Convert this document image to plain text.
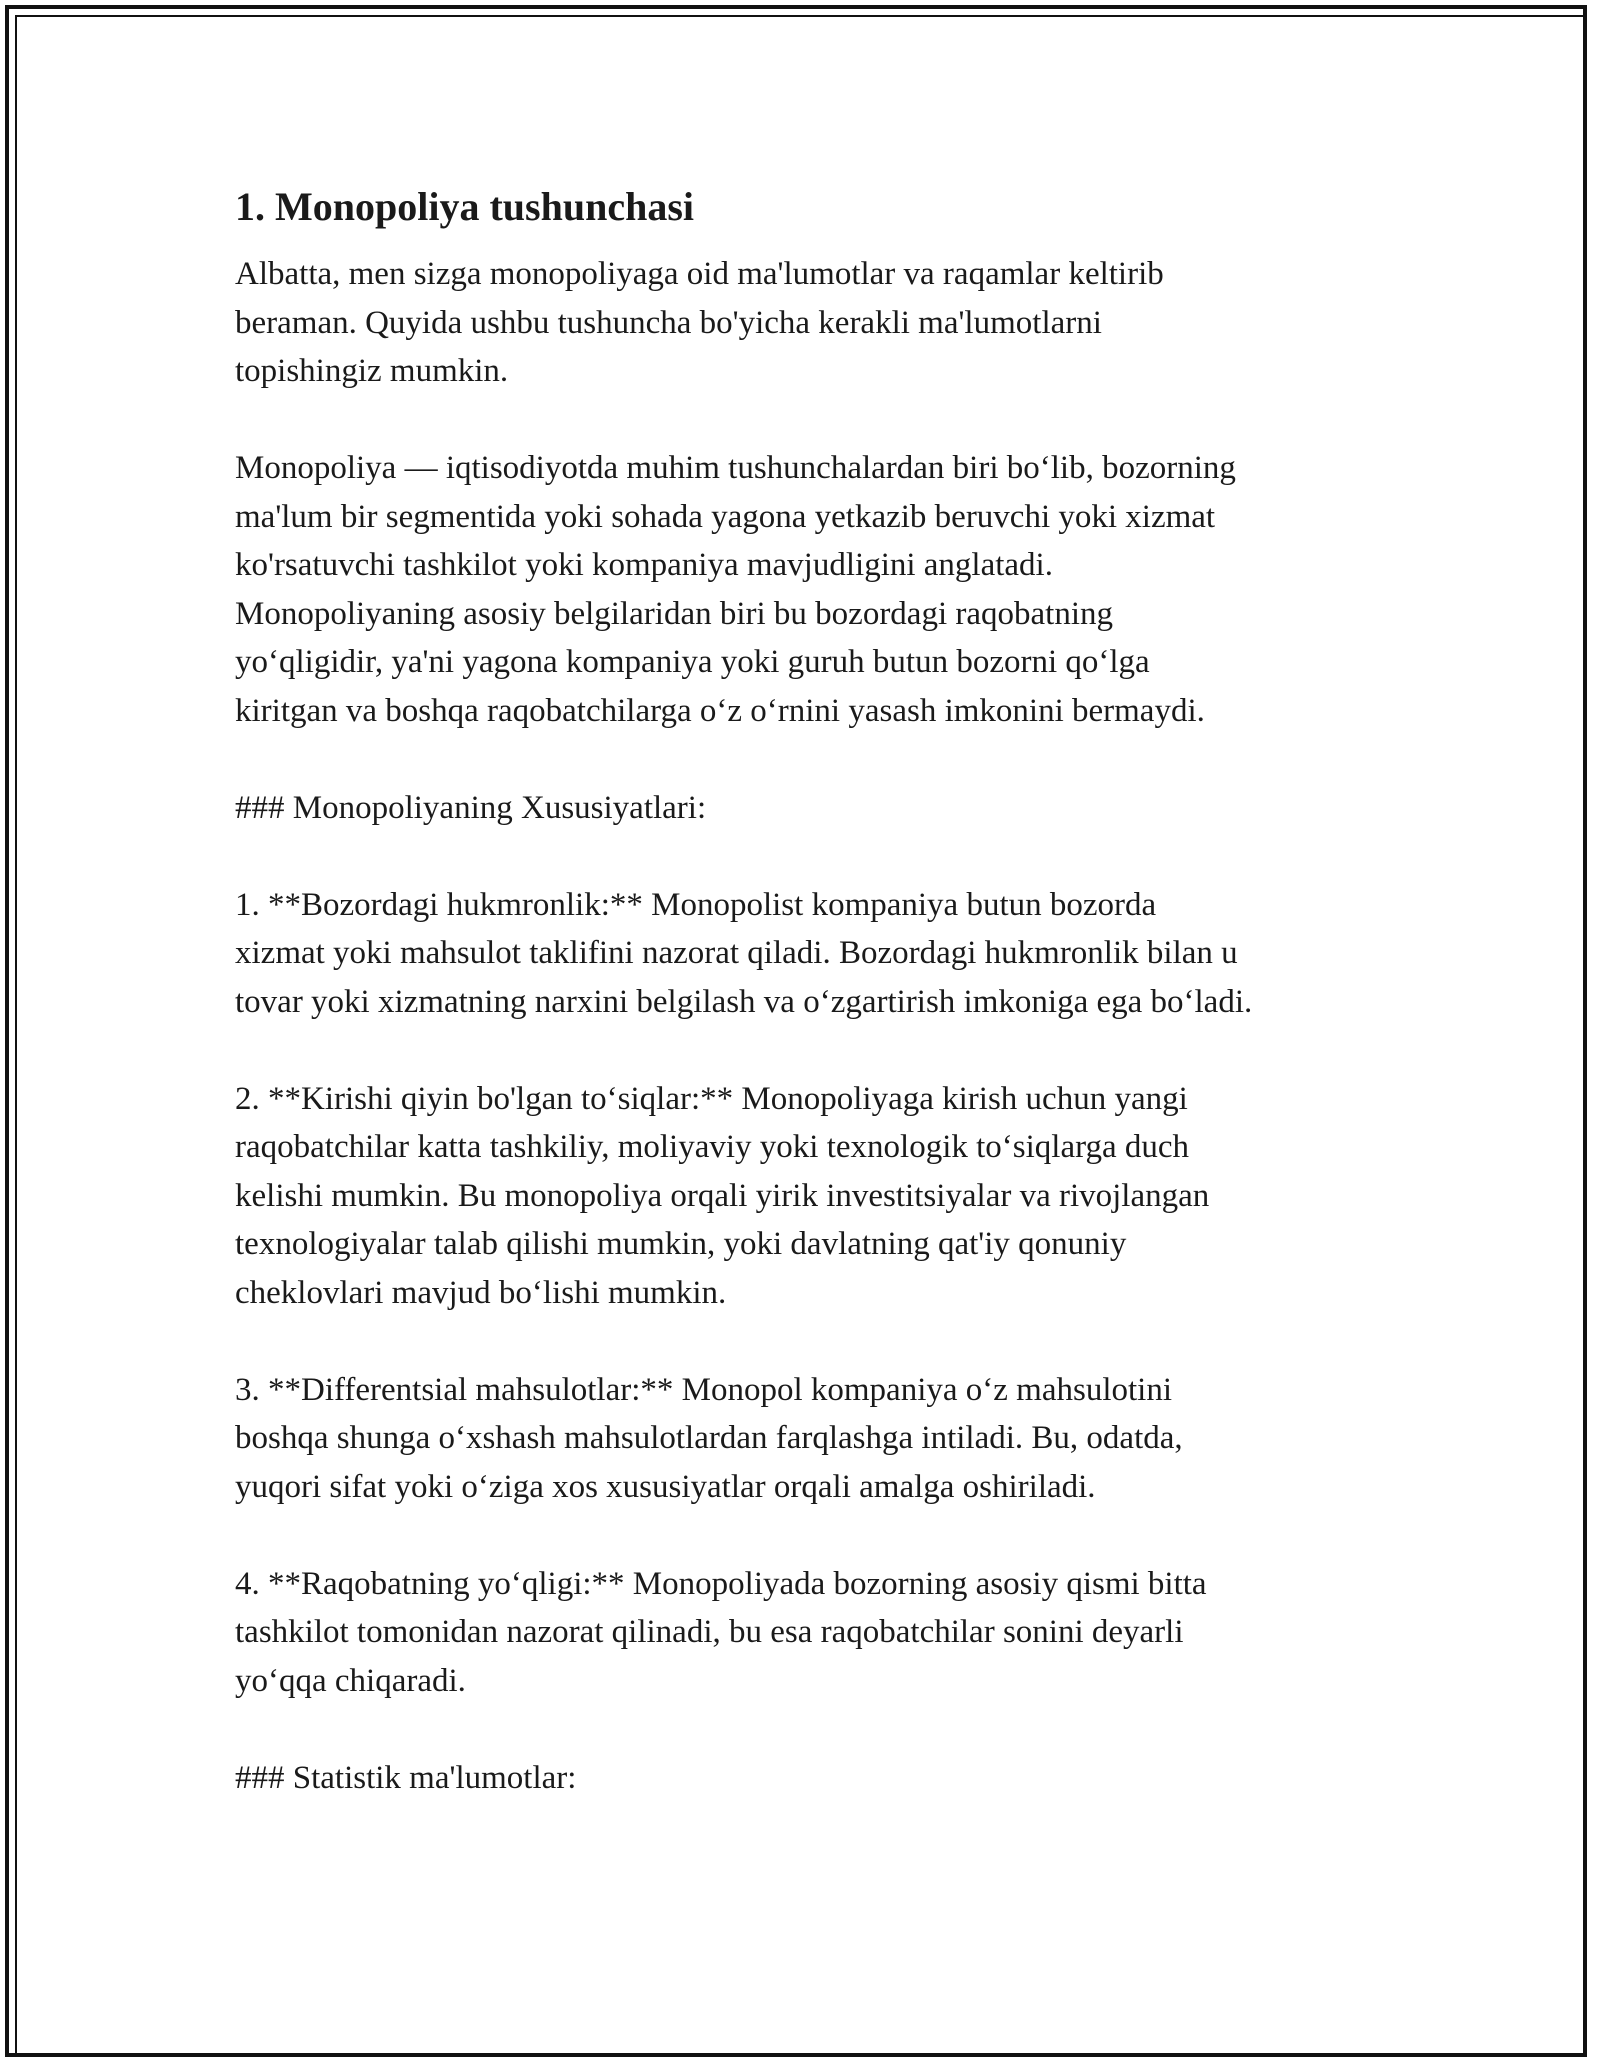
1. Monopoliya tushunchasi

Albatta, men sizga monopoliyaga oid ma'lumotlar va raqamlar keltirib
beraman. Quyida ushbu tushuncha bo'yicha kerakli ma'lumotlarni
topishingiz mumkin.

Monopoliya — iqtisodiyotda muhim tushunchalardan biri bo‘lib, bozorning
ma'lum bir segmentida yoki sohada yagona yetkazib beruvchi yoki xizmat
ko'rsatuvchi tashkilot yoki kompaniya mavjudligini anglatadi.
Monopoliyaning asosiy belgilaridan biri bu bozordagi raqobatning
yo‘qligidir, ya'ni yagona kompaniya yoki guruh butun bozorni qo‘lga
kiritgan va boshqa raqobatchilarga o‘z o‘rnini yasash imkonini bermaydi.

### Monopoliyaning Xususiyatlari:

1. **Bozordagi hukmronlik:** Monopolist kompaniya butun bozorda
xizmat yoki mahsulot taklifini nazorat qiladi. Bozordagi hukmronlik bilan u
tovar yoki xizmatning narxini belgilash va o‘zgartirish imkoniga ega bo‘ladi.

2. **Kirishi qiyin bo'lgan to‘siqlar:** Monopoliyaga kirish uchun yangi
raqobatchilar katta tashkiliy, moliyaviy yoki texnologik to‘siqlarga duch
kelishi mumkin. Bu monopoliya orqali yirik investitsiyalar va rivojlangan
texnologiyalar talab qilishi mumkin, yoki davlatning qat'iy qonuniy
cheklovlari mavjud bo‘lishi mumkin.

3. **Differentsial mahsulotlar:** Monopol kompaniya o‘z mahsulotini
boshqa shunga o‘xshash mahsulotlardan farqlashga intiladi. Bu, odatda,
yuqori sifat yoki o‘ziga xos xususiyatlar orqali amalga oshiriladi.

4. **Raqobatning yo‘qligi:** Monopoliyada bozorning asosiy qismi bitta
tashkilot tomonidan nazorat qilinadi, bu esa raqobatchilar sonini deyarli
yo‘qqa chiqaradi.

### Statistik ma'lumotlar:
